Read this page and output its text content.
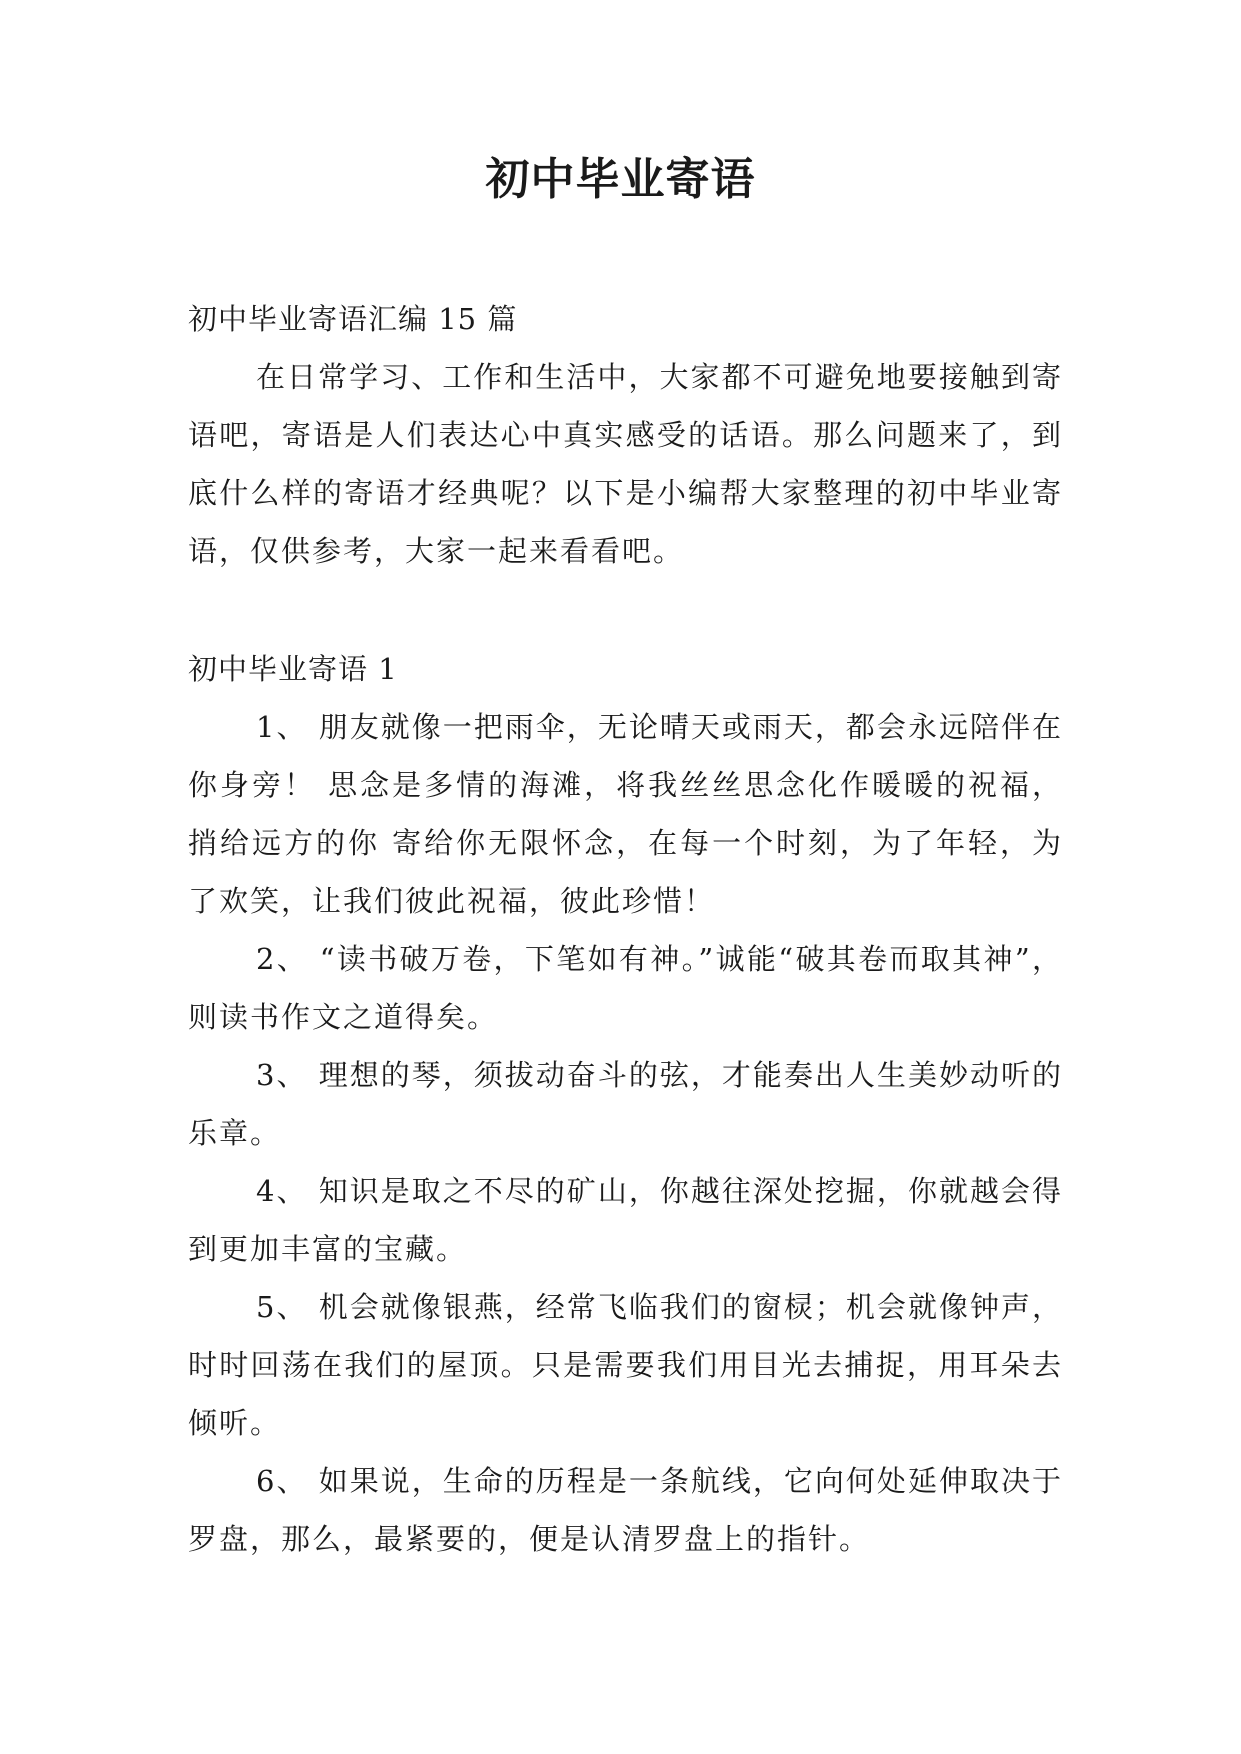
初中毕业寄语

初中毕业寄语汇编 15 篇

在日常学习、工作和生活中，大家都不可避免地要接触到寄语吧，寄语是人们表达心中真实感受的话语。那么问题来了，到底什么样的寄语才经典呢？以下是小编帮大家整理的初中毕业寄语，仅供参考，大家一起来看看吧。

初中毕业寄语 1

1、 朋友就像一把雨伞，无论晴天或雨天，都会永远陪伴在你身旁！ 思念是多情的海滩，将我丝丝思念化作暖暖的祝福，捎给远方的你 寄给你无限怀念，在每一个时刻，为了年轻，为了欢笑，让我们彼此祝福，彼此珍惜！

2、 “读书破万卷，下笔如有神。”诚能“破其卷而取其神”，则读书作文之道得矣。

3、 理想的琴，须拔动奋斗的弦，才能奏出人生美妙动听的乐章。

4、 知识是取之不尽的矿山，你越往深处挖掘，你就越会得到更加丰富的宝藏。

5、 机会就像银燕，经常飞临我们的窗棂；机会就像钟声，时时回荡在我们的屋顶。只是需要我们用目光去捕捉，用耳朵去倾听。

6、 如果说，生命的历程是一条航线，它向何处延伸取决于罗盘，那么，最紧要的，便是认清罗盘上的指针。
